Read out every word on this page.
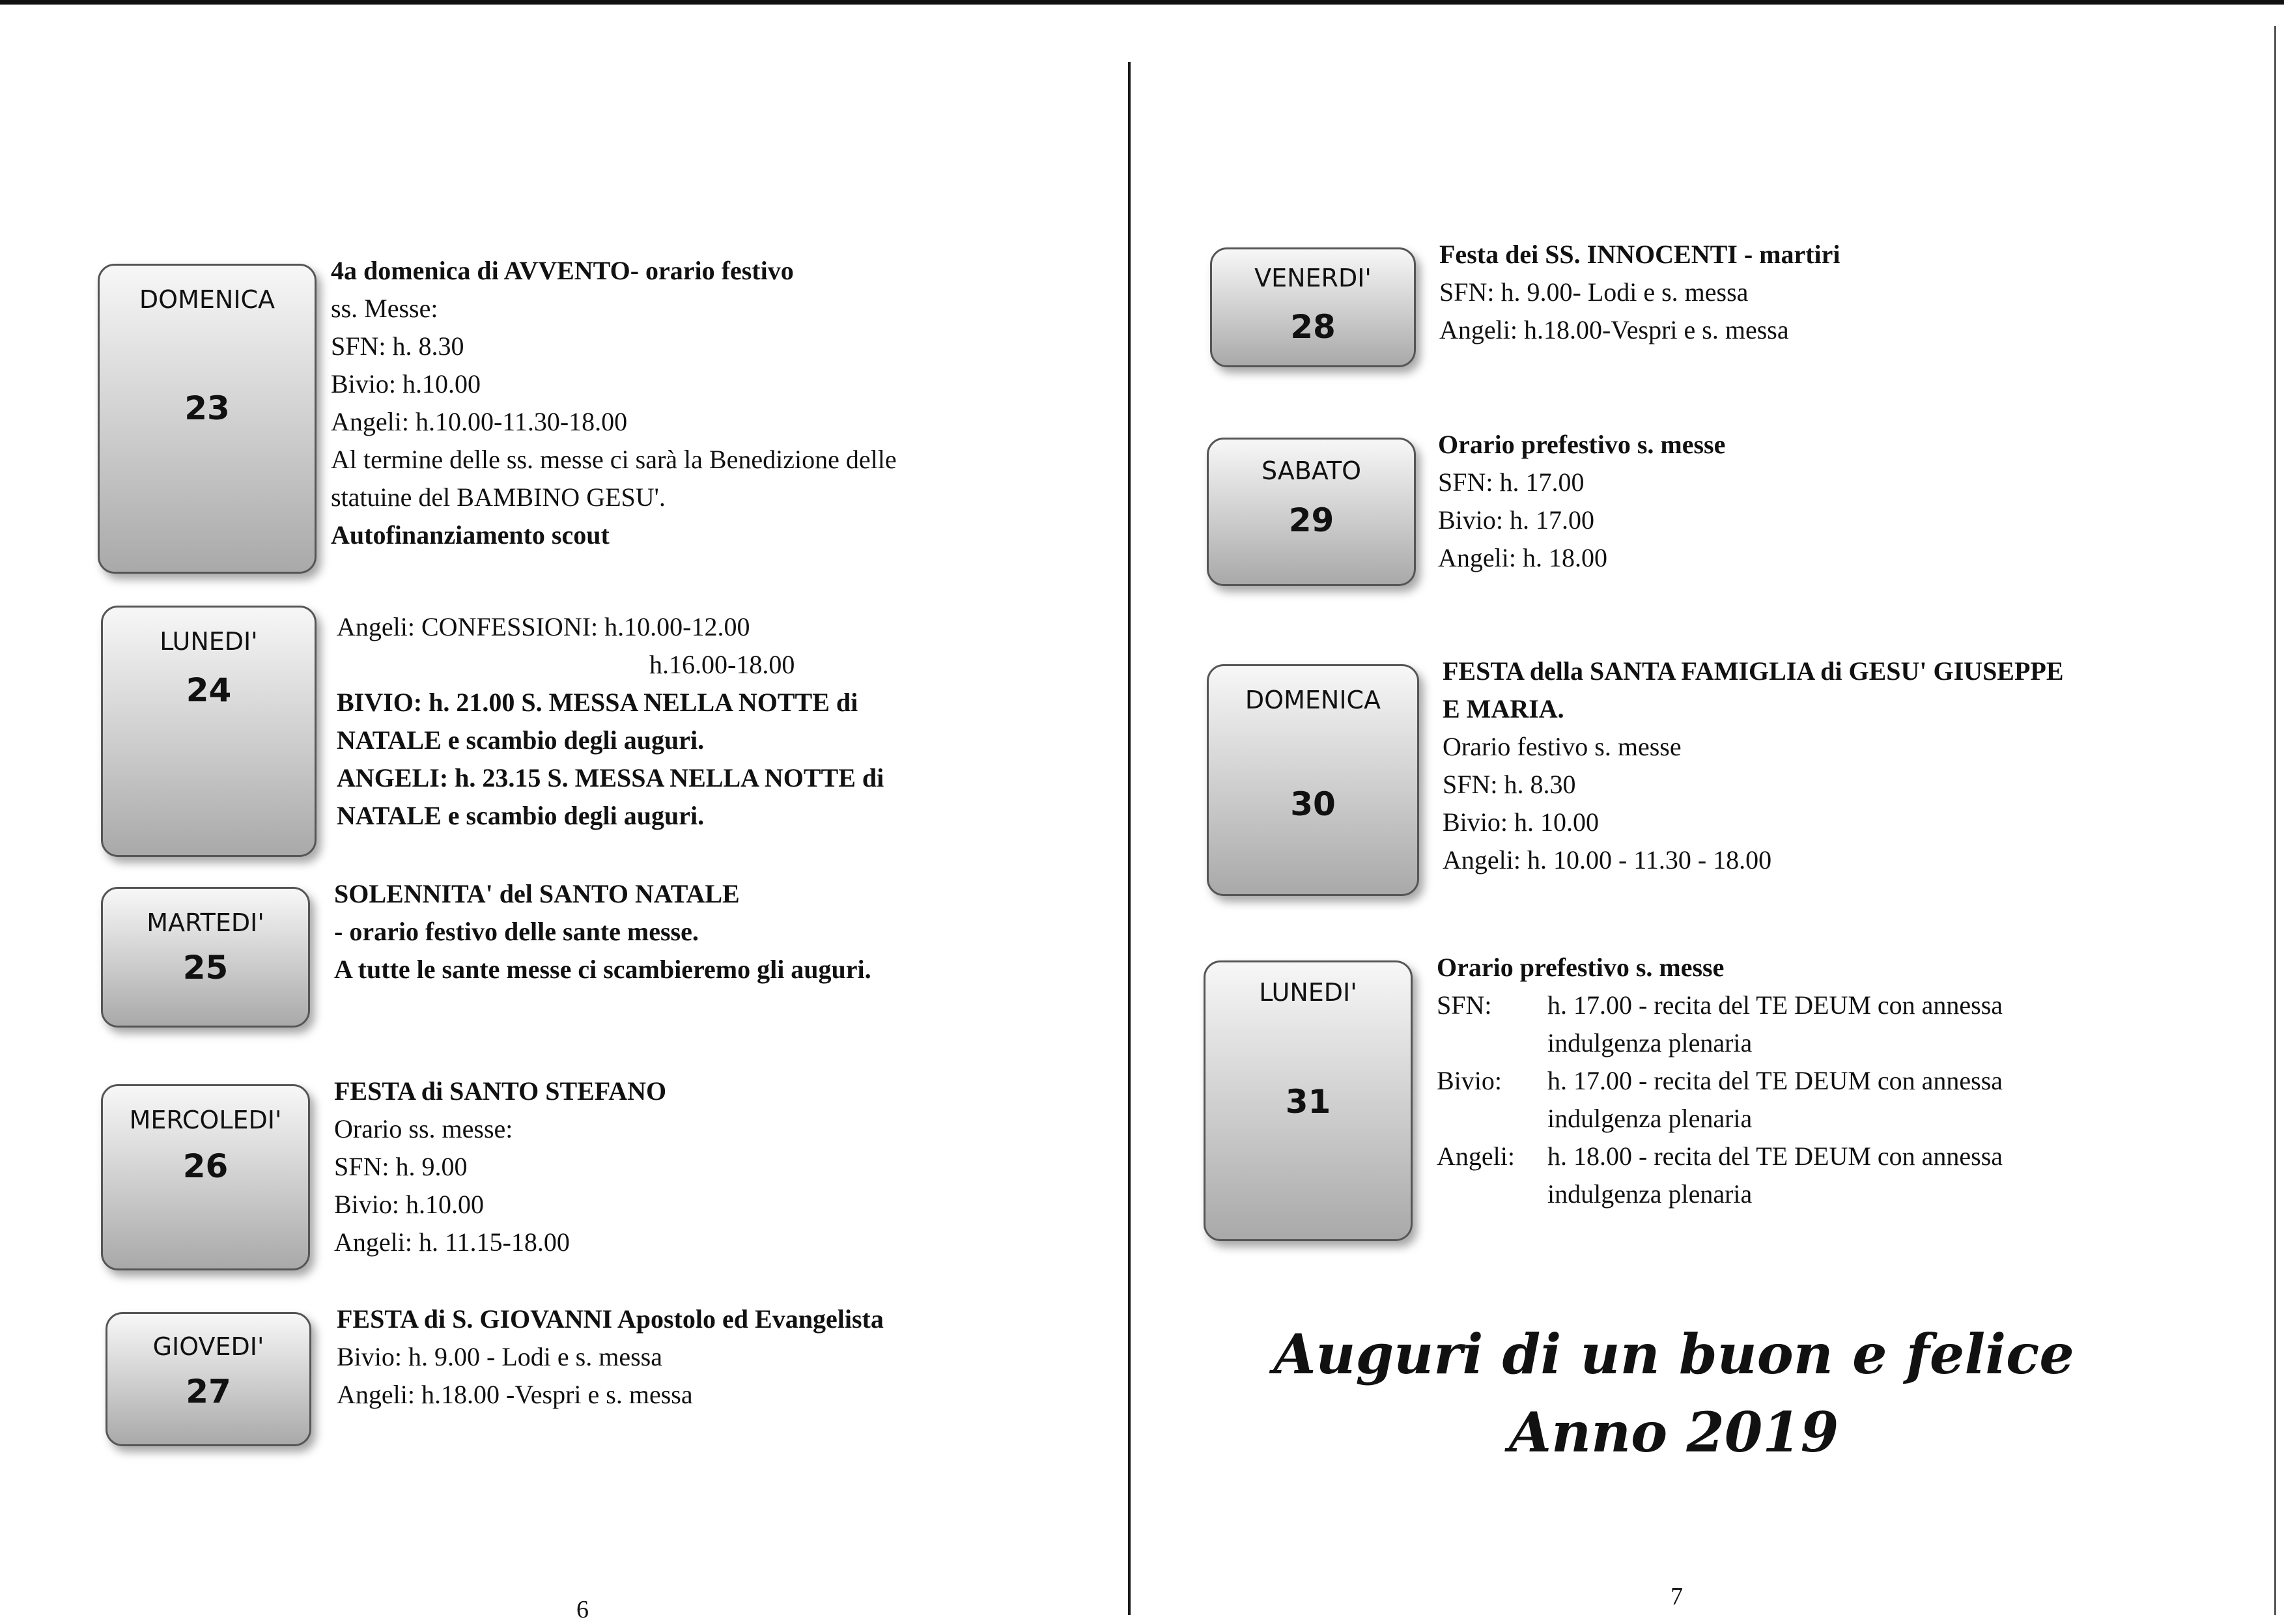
DOMENICA
23
4a domenica di AVVENTO- orario festivo
ss. Messe:
SFN: h. 8.30
Bivio: h.10.00
Angeli: h.10.00-11.30-18.00
Al termine delle ss. messe ci sarà la Benedizione delle
statuine del BAMBINO GESU'.
Autofinanziamento scout
LUNEDI'
24
Angeli: CONFESSIONI: h.10.00-12.00
h.16.00-18.00
BIVIO: h. 21.00 S. MESSA NELLA NOTTE di
NATALE e scambio degli auguri.
ANGELI: h. 23.15 S. MESSA NELLA NOTTE di
NATALE e scambio degli auguri.
MARTEDI'
25
SOLENNITA' del SANTO NATALE
- orario festivo delle sante messe.
A tutte le sante messe ci scambieremo gli auguri.
MERCOLEDI'
26
FESTA di SANTO STEFANO
Orario ss. messe:
SFN: h. 9.00
Bivio: h.10.00
Angeli: h. 11.15-18.00
GIOVEDI'
27
FESTA di S. GIOVANNI Apostolo ed Evangelista
Bivio: h. 9.00 - Lodi e s. messa
Angeli: h.18.00 -Vespri e s. messa
6
VENERDI'
28
Festa dei SS. INNOCENTI - martiri
SFN: h. 9.00- Lodi e s. messa
Angeli: h.18.00-Vespri e s. messa
SABATO
29
Orario prefestivo s. messe
SFN: h. 17.00
Bivio: h. 17.00
Angeli: h. 18.00
DOMENICA
30
FESTA della SANTA FAMIGLIA di GESU' GIUSEPPE
E MARIA.
Orario festivo s. messe
SFN: h. 8.30
Bivio: h. 10.00
Angeli: h. 10.00 - 11.30 - 18.00
LUNEDI'
31
Orario prefestivo s. messe
SFN: h. 17.00 - recita del TE DEUM con annessa
indulgenza plenaria
Bivio: h. 17.00 - recita del TE DEUM con annessa
indulgenza plenaria
Angeli: h. 18.00 - recita del TE DEUM con annessa
indulgenza plenaria
Auguri di un buon e felice
Anno 2019
7
